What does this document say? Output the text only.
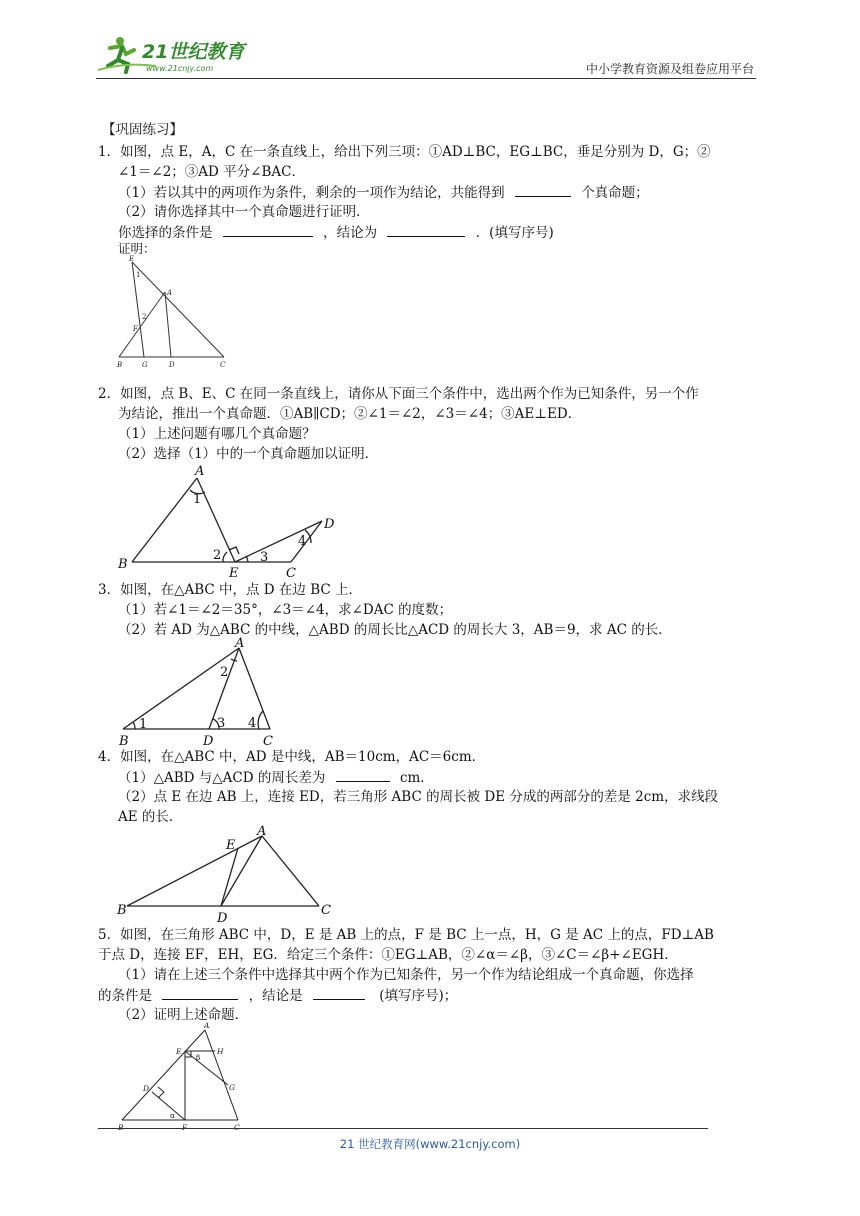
21世纪教育
www.21cnjy.com	中小学教育资源及组卷应用平台
【巩固练习】
1．如图，点 E，A，C 在一条直线上，给出下列三项：①AD⊥BC，EG⊥BC，垂足分别为 D，G；②
∠1＝∠2；③AD 平分∠BAC．
（1）若以其中的两项作为条件，剩余的一项作为结论，共能得到	个真命题；
（2）请你选择其中一个真命题进行证明．
你选择的条件是	，结论为	．(填写序号)
证明：
E
1
A
2
F
B	G	D	C
2．如图，点 B、E、C 在同一条直线上，请你从下面三个条件中，选出两个作为已知条件，另一个作
为结论，推出一个真命题．①AB∥CD；②∠1＝∠2，∠3＝∠4；③AE⊥ED．
（1）上述问题有哪几个真命题？
（2）选择（1）中的一个真命题加以证明．
A
1
D
4
2	3
B
E	C
3．如图，在△ABC 中，点 D 在边 BC 上．
（1）若∠1＝∠2＝35°，∠3＝∠4，求∠DAC 的度数；
（2）若 AD 为△ABC 的中线，△ABD 的周长比△ACD 的周长大 3，AB＝9，求 AC 的长．
A
2
1	3 4
B	D	C
4．如图，在△ABC 中，AD 是中线，AB＝10cm，AC＝6cm．
（1）△ABD 与△ACD 的周长差为	cm．
（2）点 E 在边 AB 上，连接 ED，若三角形 ABC 的周长被 DE 分成的两部分的差是 2cm，求线段
AE 的长．
A
E
B
D
C
5．如图，在三角形 ABC 中，D，E 是 AB 上的点，F 是 BC 上一点，H，G 是 AC 上的点，FD⊥AB
于点 D，连接 EF，EH，EG．给定三个条件：①EG⊥AB，②∠α＝∠β，③∠C＝∠β+∠EGH．
（1）请在上述三个条件中选择其中两个作为已知条件，另一个作为结论组成一个真命题，你选择
的条件是	，结论是	(填写序号)；
（2）证明上述命题．
A
E
β
H
D	G
α
B	F	C
21 世纪教育网(www.21cnjy.com)
